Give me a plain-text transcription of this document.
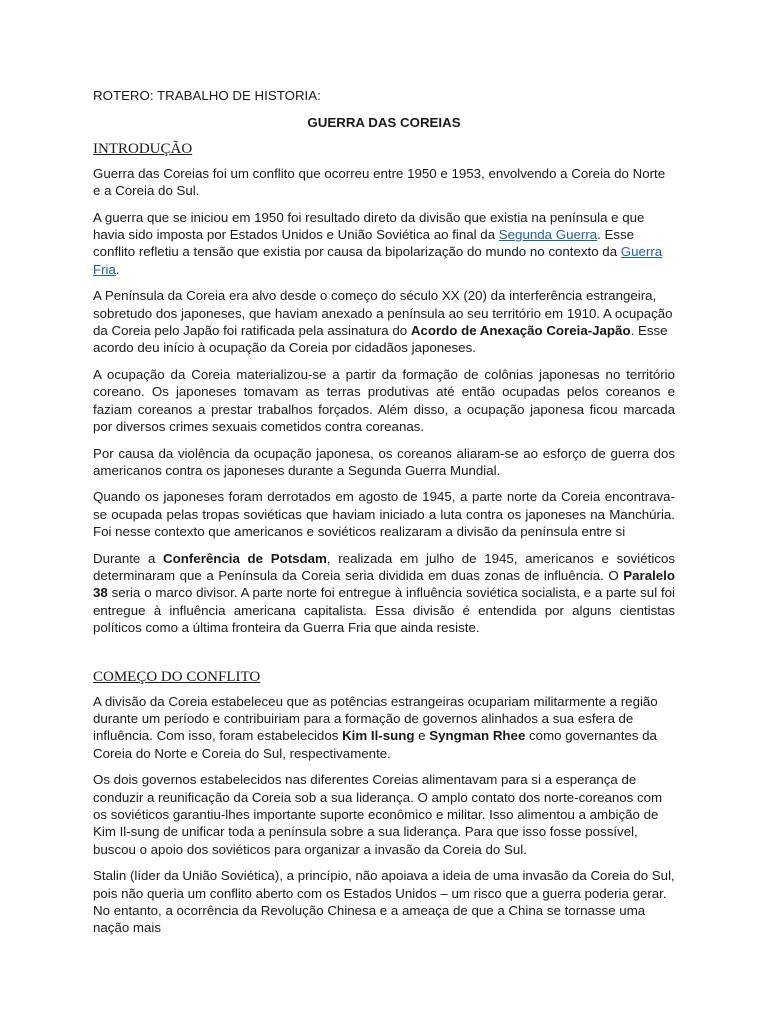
ROTERO: TRABALHO DE HISTORIA:
GUERRA DAS COREIAS
INTRODUÇÃO

Guerra das Coreias foi um conflito que ocorreu entre 1950 e 1953, envolvendo a Coreia do Norte e a Coreia do Sul.

A guerra que se iniciou em 1950 foi resultado direto da divisão que existia na península e que havia sido imposta por Estados Unidos e União Soviética ao final da Segunda Guerra. Esse conflito refletiu a tensão que existia por causa da bipolarização do mundo no contexto da Guerra Fria.

A Península da Coreia era alvo desde o começo do século XX (20) da interferência estrangeira, sobretudo dos japoneses, que haviam anexado a península ao seu território em 1910. A ocupação da Coreia pelo Japão foi ratificada pela assinatura do Acordo de Anexação Coreia-Japão. Esse acordo deu início à ocupação da Coreia por cidadãos japoneses.

A ocupação da Coreia materializou-se a partir da formação de colônias japonesas no território coreano. Os japoneses tomavam as terras produtivas até então ocupadas pelos coreanos e faziam coreanos a prestar trabalhos forçados. Além disso, a ocupação japonesa ficou marcada por diversos crimes sexuais cometidos contra coreanas.

Por causa da violência da ocupação japonesa, os coreanos aliaram-se ao esforço de guerra dos americanos contra os japoneses durante a Segunda Guerra Mundial.

Quando os japoneses foram derrotados em agosto de 1945, a parte norte da Coreia encontrava-se ocupada pelas tropas soviéticas que haviam iniciado a luta contra os japoneses na Manchúria. Foi nesse contexto que americanos e soviéticos realizaram a divisão da península entre si

Durante a Conferência de Potsdam, realizada em julho de 1945, americanos e soviéticos determinaram que a Península da Coreia seria dividida em duas zonas de influência. O Paralelo 38 seria o marco divisor. A parte norte foi entregue à influência soviética socialista, e a parte sul foi entregue à influência americana capitalista. Essa divisão é entendida por alguns cientistas políticos como a última fronteira da Guerra Fria que ainda resiste.

COMEÇO DO CONFLITO

A divisão da Coreia estabeleceu que as potências estrangeiras ocupariam militarmente a região durante um período e contribuiriam para a formação de governos alinhados a sua esfera de influência. Com isso, foram estabelecidos Kim Il-sung e Syngman Rhee como governantes da Coreia do Norte e Coreia do Sul, respectivamente.

Os dois governos estabelecidos nas diferentes Coreias alimentavam para si a esperança de conduzir a reunificação da Coreia sob a sua liderança. O amplo contato dos norte-coreanos com os soviéticos garantiu-lhes importante suporte econômico e militar. Isso alimentou a ambição de Kim Il-sung de unificar toda a península sobre a sua liderança. Para que isso fosse possível, buscou o apoio dos soviéticos para organizar a invasão da Coreia do Sul.

Stalin (líder da União Soviética), a princípio, não apoiava a ideia de uma invasão da Coreia do Sul, pois não queria um conflito aberto com os Estados Unidos – um risco que a guerra poderia gerar. No entanto, a ocorrência da Revolução Chinesa e a ameaça de que a China se tornasse uma nação mais
